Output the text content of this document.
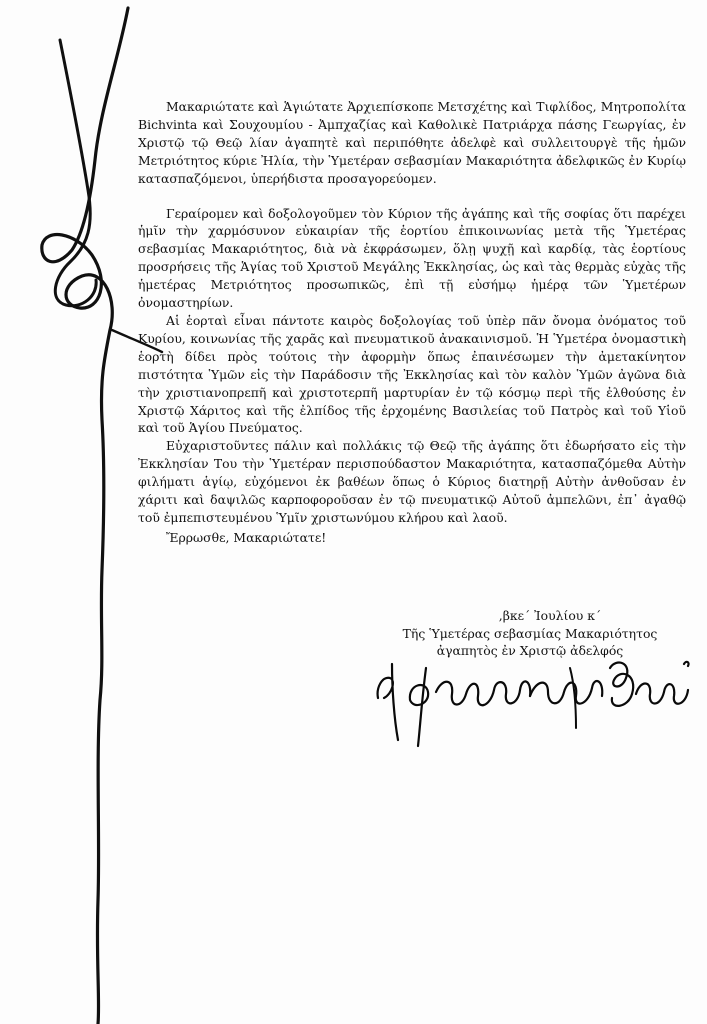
Μακαριώτατε καὶ Ἁγιώτατε Ἀρχιεπίσκοπε Μετσχέτης καὶ Τιφλίδος, Μητροπολίτα Bichvinta καὶ Σουχουμίου - Ἀμπχαζίας καὶ Καθολικὲ Πατριάρχα πάσης Γεωργίας, ἐν Χριστῷ τῷ Θεῷ λίαν ἀγαπητὲ καὶ περιπόθητε ἀδελφὲ καὶ συλλειτουργὲ τῆς ἡμῶν Μετριότητος κύριε Ἠλία, τὴν Ὑμετέραν σεβασμίαν Μακαριότητα ἀδελφικῶς ἐν Κυρίῳ κατασπαζόμενοι, ὑπερήδιστα προσαγορεύομεν.

Γεραίρομεν καὶ δοξολογοῦμεν τὸν Κύριον τῆς ἀγάπης καὶ τῆς σοφίας ὅτι παρέχει ἡμῖν τὴν χαρμόσυνον εὐκαιρίαν τῆς ἑορτίου ἐπικοινωνίας μετὰ τῆς Ὑμετέρας σεβασμίας Μακαριότητος, διὰ νὰ ἐκφράσωμεν, ὅλῃ ψυχῇ καὶ καρδίᾳ, τὰς ἑορτίους προσρήσεις τῆς Ἁγίας τοῦ Χριστοῦ Μεγάλης Ἐκκλησίας, ὡς καὶ τὰς θερμὰς εὐχὰς τῆς ἡμετέρας Μετριότητος προσωπικῶς, ἐπὶ τῇ εὐσήμῳ ἡμέρᾳ τῶν Ὑμετέρων ὀνομαστηρίων.

Αἱ ἑορταὶ εἶναι πάντοτε καιρὸς δοξολογίας τοῦ ὑπὲρ πᾶν ὄνομα ὀνόματος τοῦ Κυρίου, κοινωνίας τῆς χαρᾶς καὶ πνευματικοῦ ἀνακαινισμοῦ. Ἡ Ὑμετέρα ὀνομαστικὴ ἑορτὴ δίδει πρὸς τούτοις τὴν ἀφορμὴν ὅπως ἐπαινέσωμεν τὴν ἀμετακίνητον πιστότητα Ὑμῶν εἰς τὴν Παράδοσιν τῆς Ἐκκλησίας καὶ τὸν καλὸν Ὑμῶν ἀγῶνα διὰ τὴν χριστιανοπρεπῆ καὶ χριστοτερπῆ μαρτυρίαν ἐν τῷ κόσμῳ περὶ τῆς ἐλθούσης ἐν Χριστῷ Χάριτος καὶ τῆς ἐλπίδος τῆς ἐρχομένης Βασιλείας τοῦ Πατρὸς καὶ τοῦ Υἱοῦ καὶ τοῦ Ἁγίου Πνεύματος.

Εὐχαριστοῦντες πάλιν καὶ πολλάκις τῷ Θεῷ τῆς ἀγάπης ὅτι ἐδωρήσατο εἰς τὴν Ἐκκλησίαν Του τὴν Ὑμετέραν περισπούδαστον Μακαριότητα, κατασπαζόμεθα Αὐτὴν φιλήματι ἁγίῳ, εὐχόμενοι ἐκ βαθέων ὅπως ὁ Κύριος διατηρῇ Αὐτὴν ἀνθοῦσαν ἐν χάριτι καὶ δαψιλῶς καρποφοροῦσαν ἐν τῷ πνευματικῷ Αὐτοῦ ἀμπελῶνι, ἐπ᾽ ἀγαθῷ τοῦ ἐμπεπιστευμένου Ὑμῖν χριστωνύμου κλήρου καὶ λαοῦ.

Ἔρρωσθε, Μακαριώτατε!

,βκε´ Ἰουλίου κ´
Τῆς Ὑμετέρας σεβασμίας Μακαριότητος
ἀγαπητὸς ἐν Χριστῷ ἀδελφός
